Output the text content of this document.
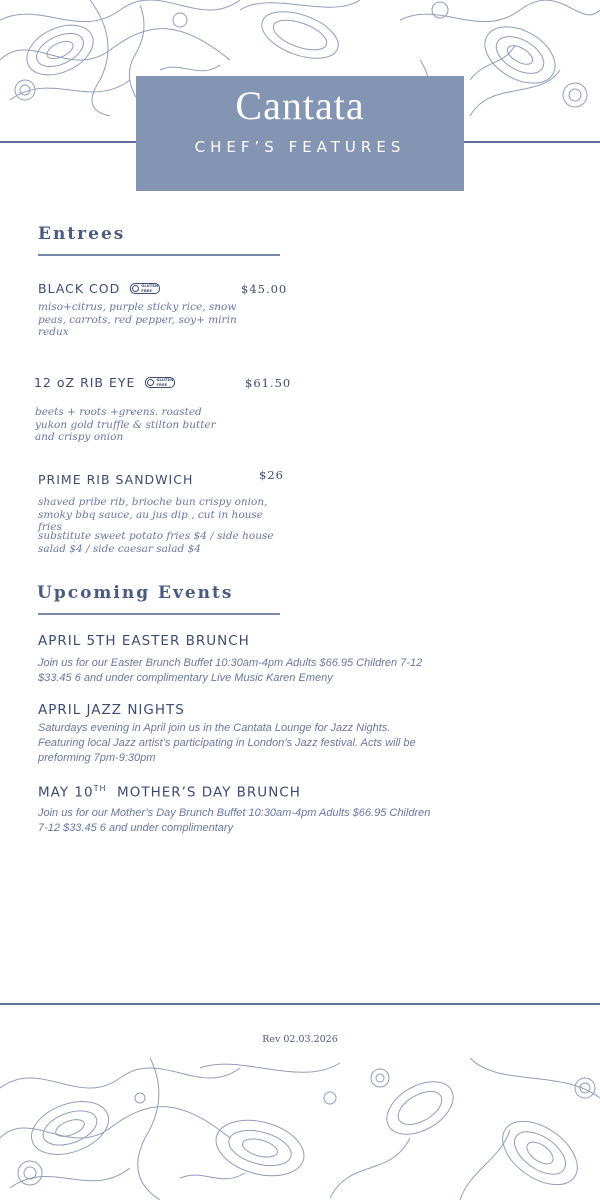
Cantata
CHEF’S FEATURES
Entrees
BLACK COD	GLUTEN FREE	$45.00
miso+citrus, purple sticky rice, snow peas, carrots, red pepper, soy+ mirin redux
12 oZ RIB EYE	GLUTEN FREE	$61.50
beets + roots +greens. roasted yukon gold truffle & stilton butter and crispy onion
PRIME RIB SANDWICH	$26
shaved pribe rib, brioche bun crispy onion, smoky bbq sauce, au jus dip , cut in house fries
substitute sweet potato fries $4 / side house salad $4 / side caesar salad $4
Upcoming Events
APRIL 5TH EASTER BRUNCH
Join us for our Easter Brunch Buffet 10:30am-4pm Adults $66.95 Children 7-12 $33.45 6 and under complimentary Live Music Karen Emeny
APRIL JAZZ NIGHTS
Saturdays evening in April join us in the Cantata Lounge for Jazz Nights. Featuring local Jazz artist’s participating in London’s Jazz festival. Acts will be preforming 7pm-9:30pm
MAY 10TH  MOTHER’S DAY BRUNCH
Join us for our Mother’s Day Brunch Buffet 10:30am-4pm Adults $66.95 Children 7-12 $33.45 6 and under complimentary
Rev 02.03.2026
